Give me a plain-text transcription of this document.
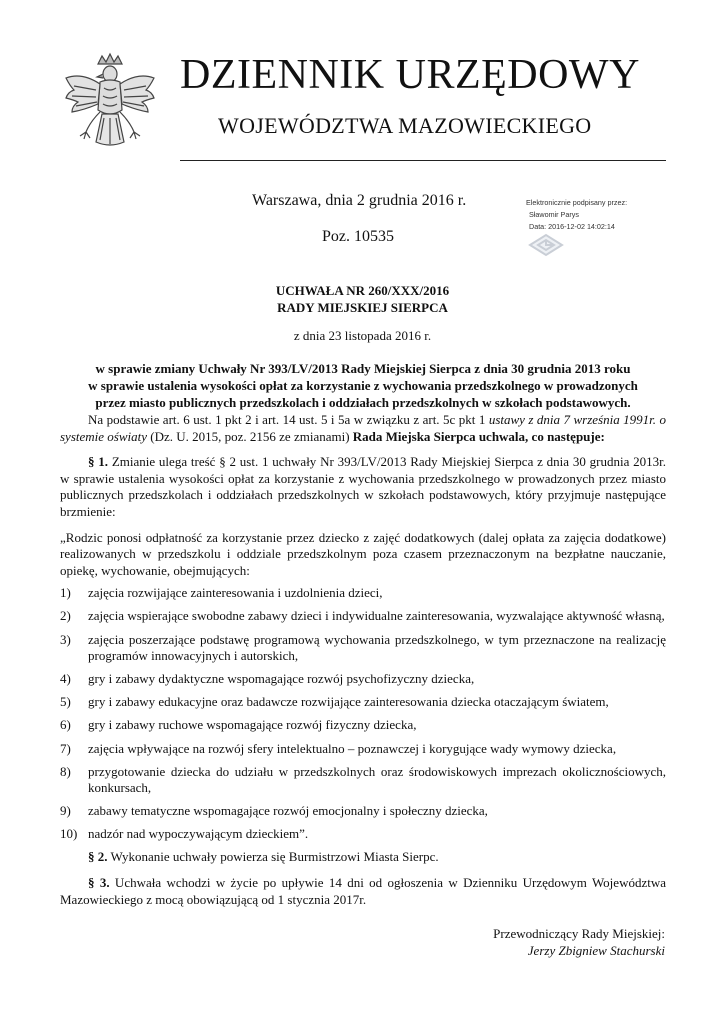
DZIENNIK URZĘDOWY
WOJEWÓDZTWA MAZOWIECKIEGO
Warszawa, dnia 2 grudnia 2016 r.
Poz. 10535
Elektronicznie podpisany przez:
Sławomir Parys
Data: 2016-12-02 14:02:14
UCHWAŁA NR 260/XXX/2016
RADY MIEJSKIEJ SIERPCA
z dnia 23 listopada 2016 r.
w sprawie zmiany Uchwały Nr 393/LV/2013 Rady Miejskiej Sierpca z dnia 30 grudnia 2013 roku
w sprawie ustalenia wysokości opłat za korzystanie z wychowania przedszkolnego w prowadzonych
przez miasto publicznych przedszkolach i oddziałach przedszkolnych w szkołach podstawowych.

Na podstawie art. 6 ust. 1 pkt 2 i art. 14 ust. 5 i 5a w związku z art. 5c pkt 1 ustawy z dnia 7 września 1991r. o systemie oświaty (Dz. U. 2015, poz. 2156 ze zmianami) Rada Miejska Sierpca uchwala, co następuje:

§ 1. Zmianie ulega treść § 2 ust. 1 uchwały Nr 393/LV/2013 Rady Miejskiej Sierpca z dnia 30 grudnia 2013r. w sprawie ustalenia wysokości opłat za korzystanie z wychowania przedszkolnego w prowadzonych przez miasto publicznych przedszkolach i oddziałach przedszkolnych w szkołach podstawowych, który przyjmuje następujące brzmienie:

„Rodzic ponosi odpłatność za korzystanie przez dziecko z zajęć dodatkowych (dalej opłata za zajęcia dodatkowe) realizowanych w przedszkolu i oddziale przedszkolnym poza czasem przeznaczonym na bezpłatne nauczanie, opiekę, wychowanie, obejmujących:

1) zajęcia rozwijające zainteresowania i uzdolnienia dzieci,
2) zajęcia wspierające swobodne zabawy dzieci i indywidualne zainteresowania, wyzwalające aktywność własną,
3) zajęcia poszerzające podstawę programową wychowania przedszkolnego, w tym przeznaczone na realizację programów innowacyjnych i autorskich,
4) gry i zabawy dydaktyczne wspomagające rozwój psychofizyczny dziecka,
5) gry i zabawy edukacyjne oraz badawcze rozwijające zainteresowania dziecka otaczającym światem,
6) gry i zabawy ruchowe wspomagające rozwój fizyczny dziecka,
7) zajęcia wpływające na rozwój sfery intelektualno – poznawczej i korygujące wady wymowy dziecka,
8) przygotowanie dziecka do udziału w przedszkolnych oraz środowiskowych imprezach okolicznościowych, konkursach,
9) zabawy tematyczne wspomagające rozwój emocjonalny i społeczny dziecka,
10) nadzór nad wypoczywającym dzieckiem”.

§ 2. Wykonanie uchwały powierza się Burmistrzowi Miasta Sierpc.

§ 3. Uchwała wchodzi w życie po upływie 14 dni od ogłoszenia w Dzienniku Urzędowym Województwa Mazowieckiego z mocą obowiązującą od 1 stycznia 2017r.

Przewodniczący Rady Miejskiej:
Jerzy Zbigniew Stachurski
